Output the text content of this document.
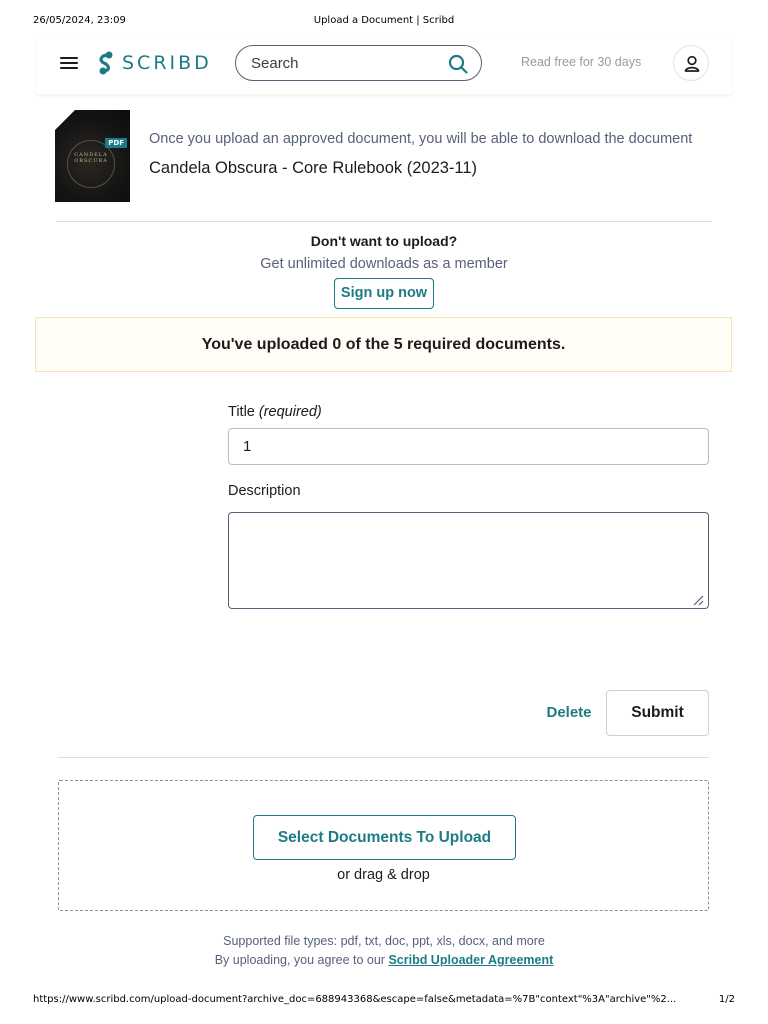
26/05/2024, 23:09	Upload a Document | Scribd
SCRIBD
Search	Read free for 30 days
PDF
CANDELA OBSCURA
Once you upload an approved document, you will be able to download the document
Candela Obscura - Core Rulebook (2023-11)
Don't want to upload?
Get unlimited downloads as a member
Sign up now
You've uploaded 0 of the 5 required documents.
Title (required)
1
Description
Delete	Submit
Select Documents To Upload
or drag & drop
Supported file types: pdf, txt, doc, ppt, xls, docx, and more
By uploading, you agree to our Scribd Uploader Agreement
https://www.scribd.com/upload-document?archive_doc=688943368&escape=false&metadata=%7B"context"%3A"archive"%2...	1/2
